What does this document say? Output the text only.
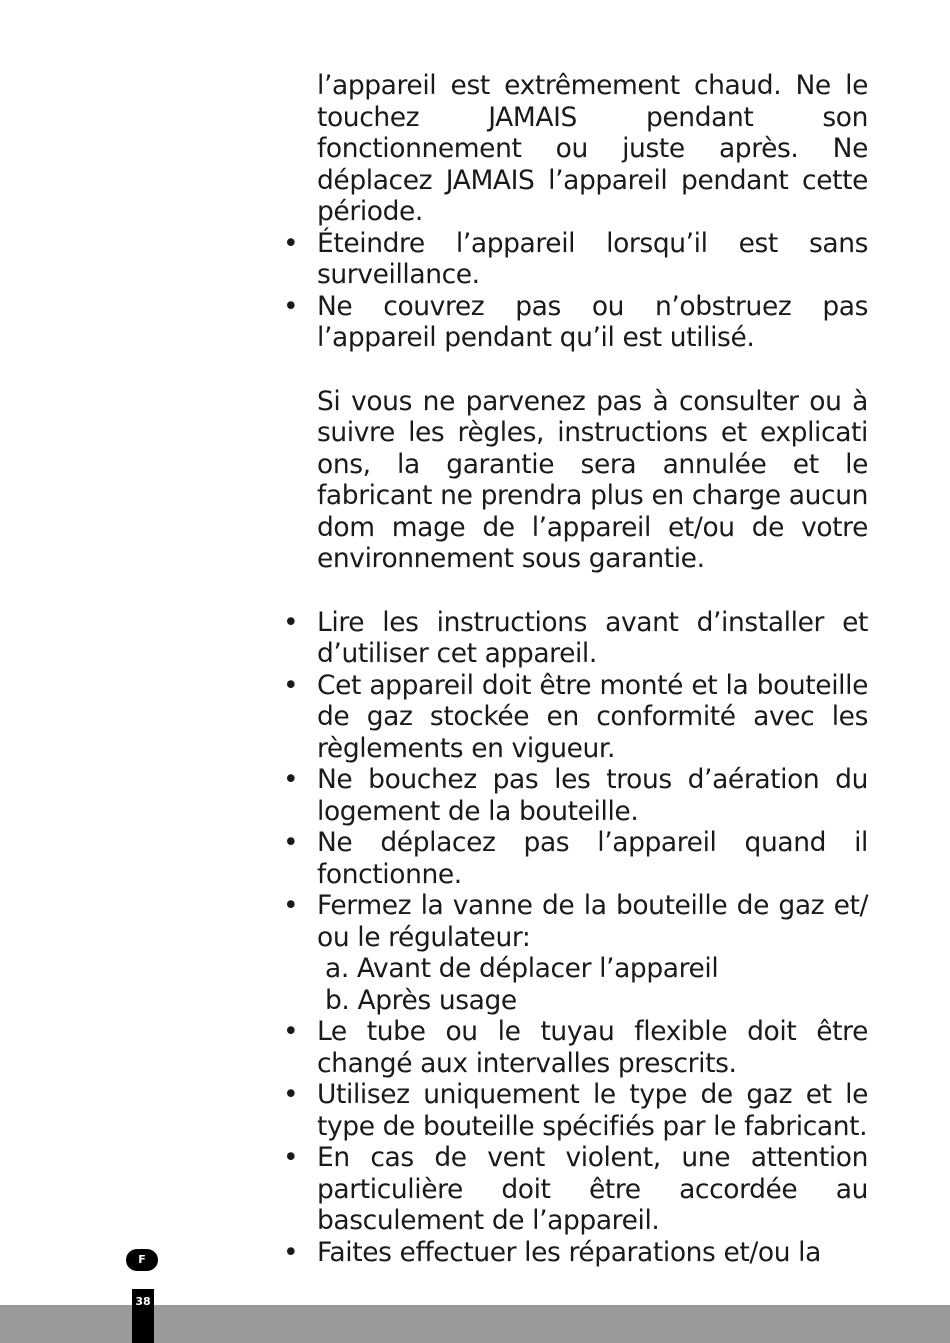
l’appareil est extrêmement chaud. Ne le touchez JAMAIS pendant son fonctionnement ou juste après. Ne déplacez JAMAIS l’appareil pendant cette période.

• Éteindre l’appareil lorsqu’il est sans surveillance.
• Ne couvrez pas ou n’obstruez pas l’appareil pendant qu’il est utilisé.

Si vous ne parvenez pas à consulter ou à suivre les règles, instructions et explicati ons, la garantie sera annulée et le fabricant ne prendra plus en charge aucun dom mage de l’appareil et/ou de votre environnement sous garantie.

• Lire les instructions avant d’installer et d’utiliser cet appareil.
• Cet appareil doit être monté et la bouteille de gaz stockée en conformité avec les règlements en vigueur.
• Ne bouchez pas les trous d’aération du logement de la bouteille.
• Ne déplacez pas l’appareil quand il fonctionne.
• Fermez la vanne de la bouteille de gaz et/ ou le régulateur:
a. Avant de déplacer l’appareil
b. Après usage
• Le tube ou le tuyau flexible doit être changé aux intervalles prescrits.
• Utilisez uniquement le type de gaz et le type de bouteille spécifiés par le fabricant.
• En cas de vent violent, une attention particulière doit être accordée au basculement de l’appareil.
• Faites effectuer les réparations et/ou la
F
38
